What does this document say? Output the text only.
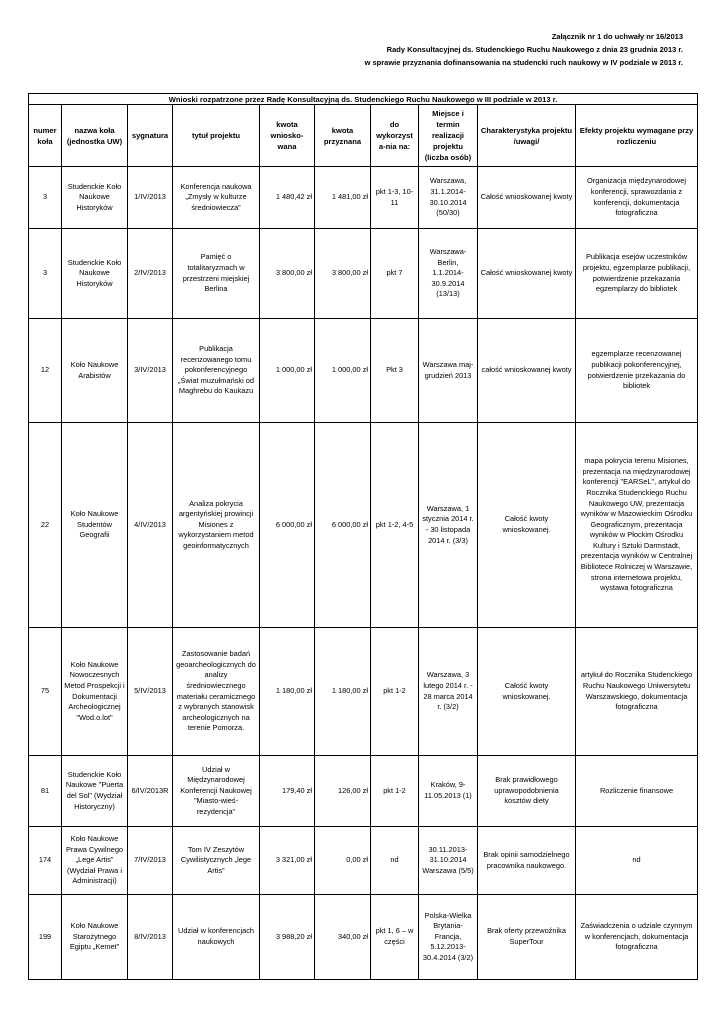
Załącznik nr 1 do uchwały nr 16/2013
Rady Konsultacyjnej ds. Studenckiego Ruchu Naukowego z dnia 23 grudnia 2013 r.
w sprawie przyznania dofinansowania na studencki ruch naukowy w IV podziale w 2013 r.
Wnioski rozpatrzone przez Radę Konsultacyjną ds. Studenckiego Ruchu Naukowego w III podziale w 2013 r.									
numer koła	nazwa koła (jednostka UW)	sygnatura	tytuł projektu	kwota wniosko-wana	kwota przyznana	do wykorzyst a-nia na:	Miejsce i termin realizacji projektu (liczba osób)	Charakterystyka projektu /uwagi/	Efekty projektu wymagane przy rozliczeniu
3	Studenckie Koło Naukowe Historyków	1/IV/2013	Konferencja naukowa „Zmysły w kulturze średniowiecza”	1 480,42 zł	1 481,00 zł	pkt 1-3, 10-11	Warszawa, 31.1.2014-30.10.2014 (50/30)	Całość wnioskowanej kwoty	Organizacja międzynarodowej konferencji, sprawozdania z konferencji, dokumentacja fotograficzna
3	Studenckie Koło Naukowe Historyków	2/IV/2013	Pamięć o totalitaryzmach w przestrzeni miejskiej Berlina	3 800,00 zł	3 800,00 zł	pkt 7	Warszawa-Berlin, 1.1.2014-30.9.2014 (13/13)	Całość wnioskowanej kwoty	Publikacja esejów uczestników projektu, egzemplarze publikacji, potwierdzenie przekazania egzemplarzy do bibliotek
12	Koło Naukowe Arabistów	3/IV/2013	Publikacja recenzowanego tomu pokonferencyjnego „Świat muzułmański od Maghrebu do Kaukazu	1 000,00 zł	1 000,00 zł	Pkt 3	Warszawa maj-grudzień 2013	całość wnioskowanej kwoty	egzemplarze recenzowanej publikacji pokonferencyjnej, potwierdzenie przekazania do bibliotek
22	Koło Naukowe Studentów Geografii	4/IV/2013	Analiza pokrycia argentyńskiej prowincji Misiones z wykorzystaniem metod geoinformatycznych	6 000,00 zł	6 000,00 zł	pkt 1-2, 4-5	Warszawa, 1 stycznia 2014 r. - 30 listopada 2014 r. (3/3)	Całość kwoty wnioskowanej.	mapa pokrycia terenu Misiones, prezentacja na międzynarodowej konferencji "EARSeL", artykuł do Rocznika Studenckiego Ruchu Naukowego UW, prezentacja wyników w Mazowieckim Ośrodku Geograficznym, prezentacja wyników w Płockim Ośrodku Kultury i Sztuki Darmstadt, prezentacja wyników w Centralnej Bibliotece Rolniczej w Warszawie, strona internetowa projektu, wystawa fotograficzna
75	Koło Naukowe Nowoczesnych Metod Prospekcji i Dokumentacji Archeologicznej "Wod.o.lot"	5/IV/2013	Zastosowanie badań geoarcheologicznych do analizy średniowiecznego materiału ceramicznego z wybranych stanowisk archeologicznych na terenie Pomorza.	1 180,00 zł	1 180,00 zł	pkt 1-2	Warszawa, 3 lutego 2014 r. - 28 marca 2014 r. (3/2)	Całość kwoty wnioskowanej.	artykuł do Rocznika Studenckiego Ruchu Naukowego Uniwersytetu Warszawskiego, dokumentacja fotograficzna
81	Studenckie Koło Naukowe "Puerta del Sol" (Wydział Historyczny)	6/IV/2013R	Udział w Międzynarodowej Konferencji Naukowej "Miasto-wieś-rezydencja"	179,40 zł	126,00 zł	pkt 1-2	Kraków, 9-11.05.2013 (1)	Brak prawidłowego uprawopodobnienia kosztów diety	Rozliczenie finansowe
174	Koło Naukowe Prawa Cywilnego „Lege Artis” (Wydział Prawa i Administracji)	7/IV/2013	Tom IV Zeszytów Cywilistycznych „lege Artis”	3 321,00 zł	0,00 zł	nd	30.11.2013-31.10.2014 Warszawa (5/5)	Brak opinii samodzielnego pracownika naukowego.	nd
199	Koło Naukowe Starożytnego Egiptu „Kemet”	8/IV/2013	Udział w konferencjach naukowych	3 988,20 zł	340,00 zł	pkt 1, 6 – w części	Polska-Wielka Brytania-Francja, 5.12.2013-30.4.2014 (3/2)	Brak oferty przewoźnika SuperTour	Zaświadczenia o udziale czynnym w konferencjach, dokumentacja fotograficzna
